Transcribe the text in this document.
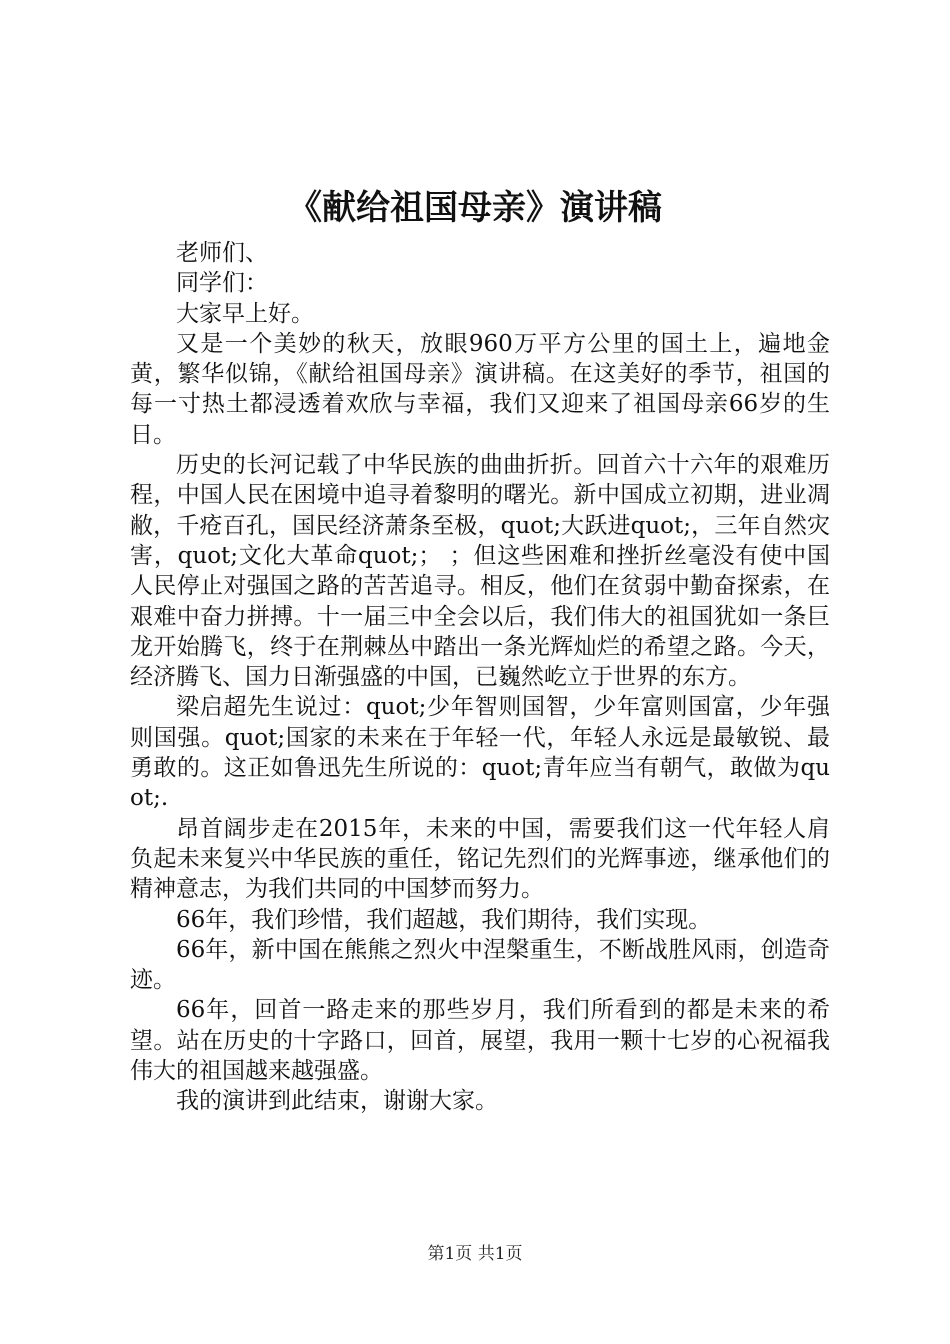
《献给祖国母亲》演讲稿

老师们、

同学们：

大家早上好。

又是一个美妙的秋天，放眼960万平方公里的国土上，遍地金黄，繁华似锦，《献给祖国母亲》演讲稿。在这美好的季节，祖国的每一寸热土都浸透着欢欣与幸福，我们又迎来了祖国母亲66岁的生日。

历史的长河记载了中华民族的曲曲折折。回首六十六年的艰难历程，中国人民在困境中追寻着黎明的曙光。新中国成立初期，进业凋敝，千疮百孔，国民经济萧条至极，quot;大跃进quot;，三年自然灾害，quot;文化大革命quot;； ；但这些困难和挫折丝毫没有使中国人民停止对强国之路的苦苦追寻。相反，他们在贫弱中勤奋探索，在艰难中奋力拼搏。十一届三中全会以后，我们伟大的祖国犹如一条巨龙开始腾飞，终于在荆棘丛中踏出一条光辉灿烂的希望之路。今天，经济腾飞、国力日渐强盛的中国，已巍然屹立于世界的东方。

梁启超先生说过：quot;少年智则国智，少年富则国富，少年强则国强。quot;国家的未来在于年轻一代，年轻人永远是最敏锐、最勇敢的。这正如鲁迅先生所说的：quot;青年应当有朝气，敢做为quot;.

昂首阔步走在2015年，未来的中国，需要我们这一代年轻人肩负起未来复兴中华民族的重任，铭记先烈们的光辉事迹，继承他们的精神意志，为我们共同的中国梦而努力。

66年，我们珍惜，我们超越，我们期待，我们实现。

66年，新中国在熊熊之烈火中涅槃重生，不断战胜风雨，创造奇迹。

66年，回首一路走来的那些岁月，我们所看到的都是未来的希望。站在历史的十字路口，回首，展望，我用一颗十七岁的心祝福我伟大的祖国越来越强盛。

我的演讲到此结束，谢谢大家。

第1页 共1页
